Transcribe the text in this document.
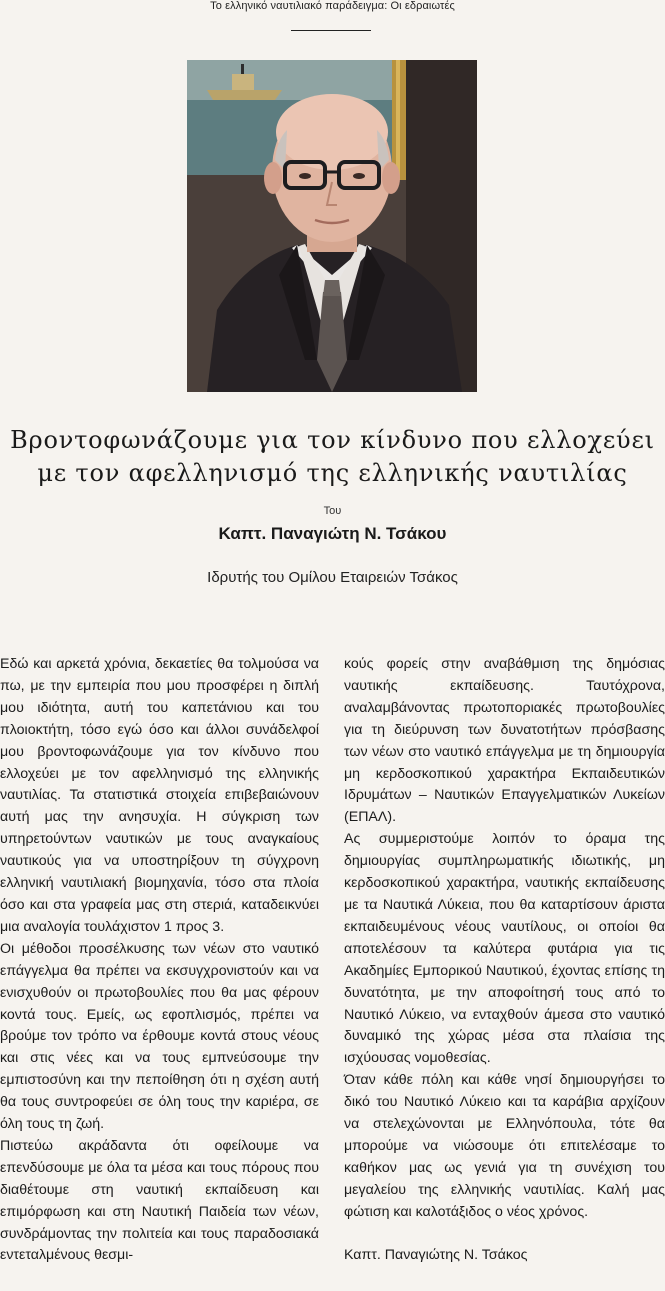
Το ελληνικό ναυτιλιακό παράδειγμα: Οι εδραιωτές
Βροντοφωνάζουμε για τον κίνδυνο που ελλοχεύει
με τον αφελληνισμό της ελληνικής ναυτιλίας
Του
Καπτ. Παναγιώτη Ν. Τσάκου
Ιδρυτής του Ομίλου Εταιρειών Τσάκος

Εδώ και αρκετά χρόνια, δεκαετίες θα τολμούσα να πω, με την εμπειρία που μου προσφέρει η διπλή μου ιδιότητα, αυτή του καπετάνιου και του πλοιοκτήτη, τόσο εγώ όσο και άλλοι συνάδελφοί μου βροντοφωνάζουμε για τον κίνδυνο που ελλοχεύει με τον αφελληνισμό της ελληνικής ναυτιλίας. Τα στατιστικά στοιχεία επιβεβαιώνουν αυτή μας την ανησυχία. Η σύγκριση των υπηρετούντων ναυτικών με τους αναγκαίους ναυτικούς για να υποστηρίξουν τη σύγχρονη ελληνική ναυτιλιακή βιομηχανία, τόσο στα πλοία όσο και στα γραφεία μας στη στεριά, καταδεικνύει μια αναλογία τουλάχιστον 1 προς 3.

Οι μέθοδοι προσέλκυσης των νέων στο ναυτικό επάγγελμα θα πρέπει να εκσυγχρονιστούν και να ενισχυθούν οι πρωτοβουλίες που θα μας φέρουν κοντά τους. Εμείς, ως εφοπλισμός, πρέπει να βρούμε τον τρόπο να έρθουμε κοντά στους νέους και στις νέες και να τους εμπνεύσουμε την εμπιστοσύνη και την πεποίθηση ότι η σχέση αυτή θα τους συντροφεύει σε όλη τους την καριέρα, σε όλη τους τη ζωή.

Πιστεύω ακράδαντα ότι οφείλουμε να επενδύσουμε με όλα τα μέσα και τους πόρους που διαθέτουμε στη ναυτική εκπαίδευση και επιμόρφωση και στη Ναυτική Παιδεία των νέων, συνδράμοντας την πολιτεία και τους παραδοσιακά εντεταλμένους θεσμι-

κούς φορείς στην αναβάθμιση της δημόσιας ναυτικής εκπαίδευσης. Ταυτόχρονα, αναλαμβάνοντας πρωτοποριακές πρωτοβουλίες για τη διεύρυνση των δυνατοτήτων πρόσβασης των νέων στο ναυτικό επάγγελμα με τη δημιουργία μη κερδοσκοπικού χαρακτήρα Εκπαιδευτικών Ιδρυμάτων – Ναυτικών Επαγγελματικών Λυκείων (ΕΠΑΛ).

Ας συμμεριστούμε λοιπόν το όραμα της δημιουργίας συμπληρωματικής ιδιωτικής, μη κερδοσκοπικού χαρακτήρα, ναυτικής εκπαίδευσης με τα Ναυτικά Λύκεια, που θα καταρτίσουν άριστα εκπαιδευμένους νέους ναυτίλους, οι οποίοι θα αποτελέσουν τα καλύτερα φυτάρια για τις Ακαδημίες Εμπορικού Ναυτικού, έχοντας επίσης τη δυνατότητα, με την αποφοίτησή τους από το Ναυτικό Λύκειο, να ενταχθούν άμεσα στο ναυτικό δυναμικό της χώρας μέσα στα πλαίσια της ισχύουσας νομοθεσίας.

Όταν κάθε πόλη και κάθε νησί δημιουργήσει το δικό του Ναυτικό Λύκειο και τα καράβια αρχίζουν να στελεχώνονται με Ελληνόπουλα, τότε θα μπορούμε να νιώσουμε ότι επιτελέσαμε το καθήκον μας ως γενιά για τη συνέχιση του μεγαλείου της ελληνικής ναυτιλίας. Καλή μας φώτιση και καλοτάξιδος ο νέος χρόνος.

Καπτ. Παναγιώτης Ν. Τσάκος
